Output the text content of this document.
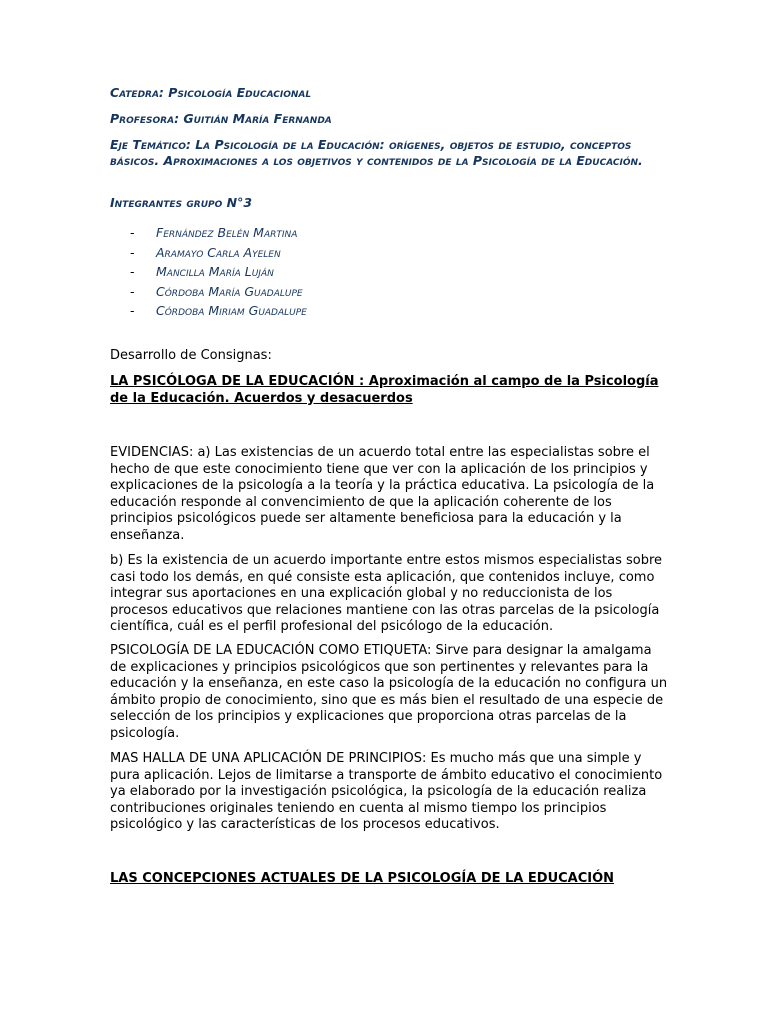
Catedra: Psicología Educacional

Profesora: Guitián María Fernanda

Eje Temático: La Psicología de la Educación: orígenes, objetos de estudio, conceptos básicos. Aproximaciones a los objetivos y contenidos de la Psicología de la Educación.

Integrantes grupo N°3

- Fernández Belén Martina
- Aramayo Carla Ayelen
- Mancilla María Luján
- Córdoba María Guadalupe
- Córdoba Miriam Guadalupe

Desarrollo de Consignas:

LA PSICÓLOGA DE LA EDUCACIÓN : Aproximación al campo de la Psicología de la Educación. Acuerdos y desacuerdos

EVIDENCIAS: a) Las existencias de un acuerdo total entre las especialistas sobre el hecho de que este conocimiento tiene que ver con la aplicación de los principios y explicaciones de la psicología a la teoría y la práctica educativa. La psicología de la educación responde al convencimiento de que la aplicación coherente de los principios psicológicos puede ser altamente beneficiosa para la educación y la enseñanza.

b) Es la existencia de un acuerdo importante entre estos mismos especialistas sobre casi todo los demás, en qué consiste esta aplicación, que contenidos incluye, como integrar sus aportaciones en una explicación global y no reduccionista de los procesos educativos que relaciones mantiene con las otras parcelas de la psicología científica, cuál es el perfil profesional del psicólogo de la educación.

PSICOLOGÍA DE LA EDUCACIÓN COMO ETIQUETA: Sirve para designar la amalgama de explicaciones y principios psicológicos que son pertinentes y relevantes para la educación y la enseñanza, en este caso la psicología de la educación no configura un ámbito propio de conocimiento, sino que es más bien el resultado de una especie de selección de los principios y explicaciones que proporciona otras parcelas de la psicología.

MAS HALLA DE UNA APLICACIÓN DE PRINCIPIOS: Es mucho más que una simple y pura aplicación. Lejos de limitarse a transporte de ámbito educativo el conocimiento ya elaborado por la investigación psicológica, la psicología de la educación realiza contribuciones originales teniendo en cuenta al mismo tiempo los principios psicológico y las características de los procesos educativos.

LAS CONCEPCIONES ACTUALES DE LA PSICOLOGÍA DE LA EDUCACIÓN
